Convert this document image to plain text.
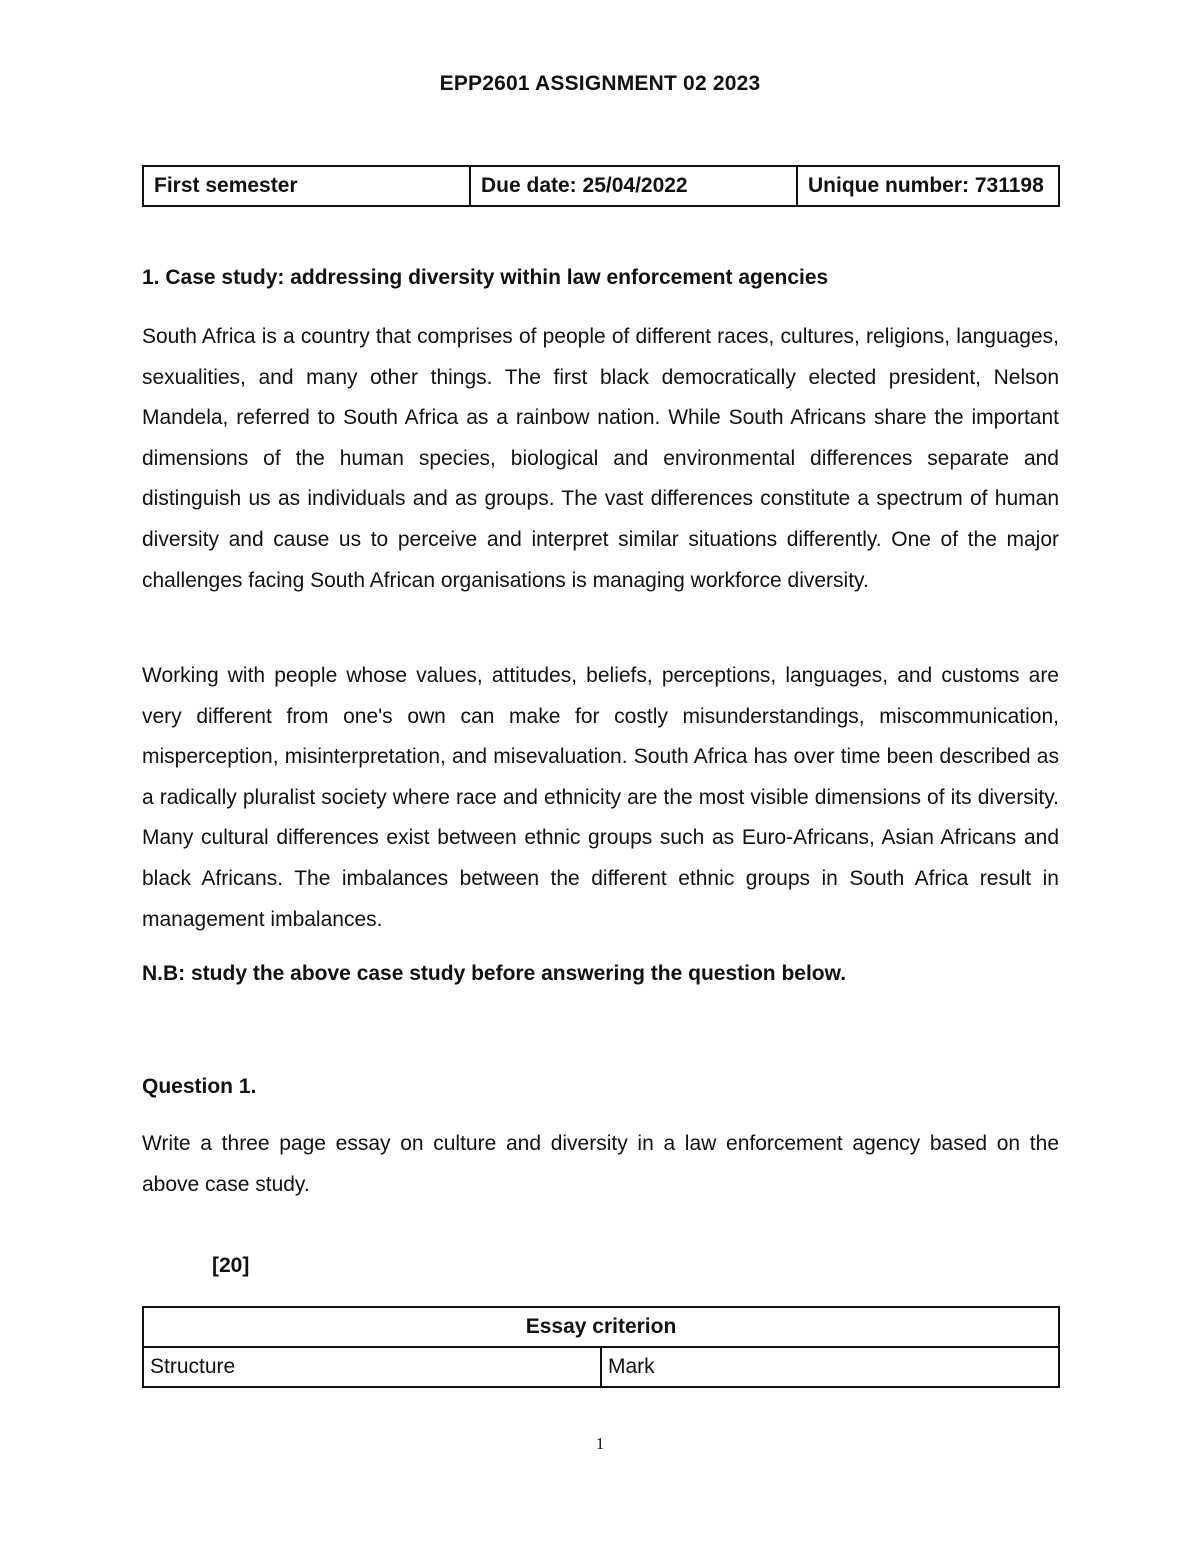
EPP2601 ASSIGNMENT 02 2023
First semester	Due date: 25/04/2022	Unique number: 731198
1. Case study: addressing diversity within law enforcement agencies
South Africa is a country that comprises of people of different races, cultures, religions, languages, sexualities, and many other things. The first black democratically elected president, Nelson Mandela, referred to South Africa as a rainbow nation. While South Africans share the important dimensions of the human species, biological and environmental differences separate and distinguish us as individuals and as groups. The vast differences constitute a spectrum of human diversity and cause us to perceive and interpret similar situations differently. One of the major challenges facing South African organisations is managing workforce diversity.
Working with people whose values, attitudes, beliefs, perceptions, languages, and customs are very different from one's own can make for costly misunderstandings, miscommunication, misperception, misinterpretation, and misevaluation. South Africa has over time been described as a radically pluralist society where race and ethnicity are the most visible dimensions of its diversity. Many cultural differences exist between ethnic groups such as Euro-Africans, Asian Africans and black Africans. The imbalances between the different ethnic groups in South Africa result in management imbalances.
N.B: study the above case study before answering the question below.
Question 1.
Write a three page essay on culture and diversity in a law enforcement agency based on the above case study.
[20]
Essay criterion
Structure	Mark
1
